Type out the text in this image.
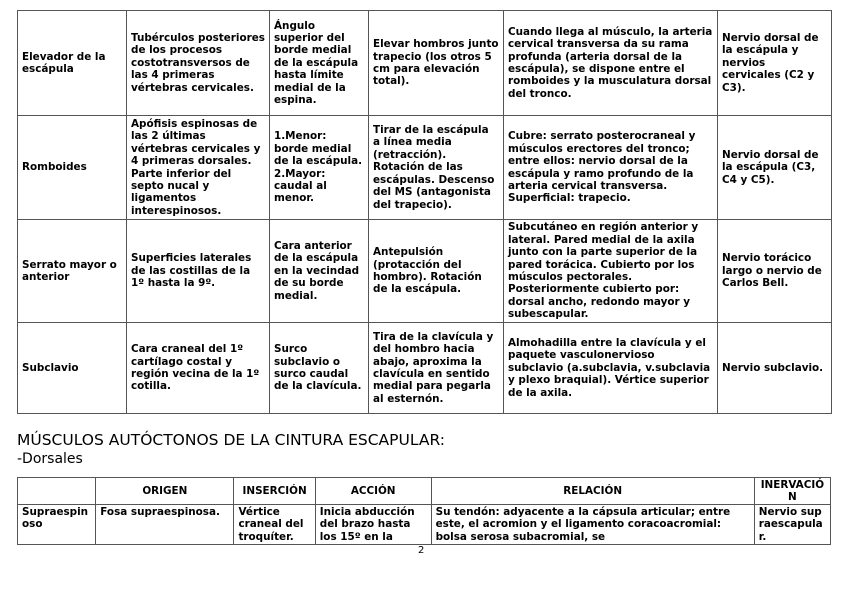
Elevador de la escápula	Tubérculos posteriores de los procesos costotransversos de las 4 primeras vértebras cervicales.	Ángulo superior del borde medial de la escápula hasta límite medial de la espina.	Elevar hombros junto trapecio (los otros 5 cm para elevación total).	Cuando llega al músculo, la arteria cervical transversa da su rama profunda (arteria dorsal de la escápula), se dispone entre el romboides y la musculatura dorsal del tronco.	Nervio dorsal de la escápula y nervios cervicales (C2 y C3).
Romboides	Apófisis espinosas de las 2 últimas vértebras cervicales y 4 primeras dorsales. Parte inferior del septo nucal y ligamentos interespinosos.	1.Menor: borde medial de la escápula. 2.Mayor: caudal al menor.	Tirar de la escápula a línea media (retracción). Rotación de las escápulas. Descenso del MS (antagonista del trapecio).	Cubre: serrato posterocraneal y músculos erectores del tronco; entre ellos: nervio dorsal de la escápula y ramo profundo de la arteria cervical transversa. Superficial: trapecio.	Nervio dorsal de la escápula (C3, C4 y C5).
Serrato mayor o anterior	Superficies laterales de las costillas de la 1º hasta la 9º.	Cara anterior de la escápula en la vecindad de su borde medial.	Antepulsión (protacción del hombro). Rotación de la escápula.	Subcutáneo en región anterior y lateral. Pared medial de la axila junto con la parte superior de la pared torácica. Cubierto por los músculos pectorales. Posteriormente cubierto por: dorsal ancho, redondo mayor y subescapular.	Nervio torácico largo o nervio de Carlos Bell.
Subclavio	Cara craneal del 1º cartílago costal y región vecina de la 1º cotilla.	Surco subclavio o surco caudal de la clavícula.	Tira de la clavícula y del hombro hacia abajo, aproxima la clavícula en sentido medial para pegarla al esternón.	Almohadilla entre la clavícula y el paquete vasculonervioso subclavio (a.subclavia, v.subclavia y plexo braquial). Vértice superior de la axila.	Nervio subclavio.
MÚSCULOS AUTÓCTONOS DE LA CINTURA ESCAPULAR:
-Dorsales
	ORIGEN	INSERCIÓN	ACCIÓN	RELACIÓN	INERVACIÓN

Supraespinoso	Fosa supraespinosa.	Vértice craneal del troquíter.	Inicia abducción del brazo hasta los 15º en la	Su tendón: adyacente a la cápsula articular; entre este, el acromion y el ligamento coracoacromial: bolsa serosa subacromial, se	Nervio supraescapular.
2
